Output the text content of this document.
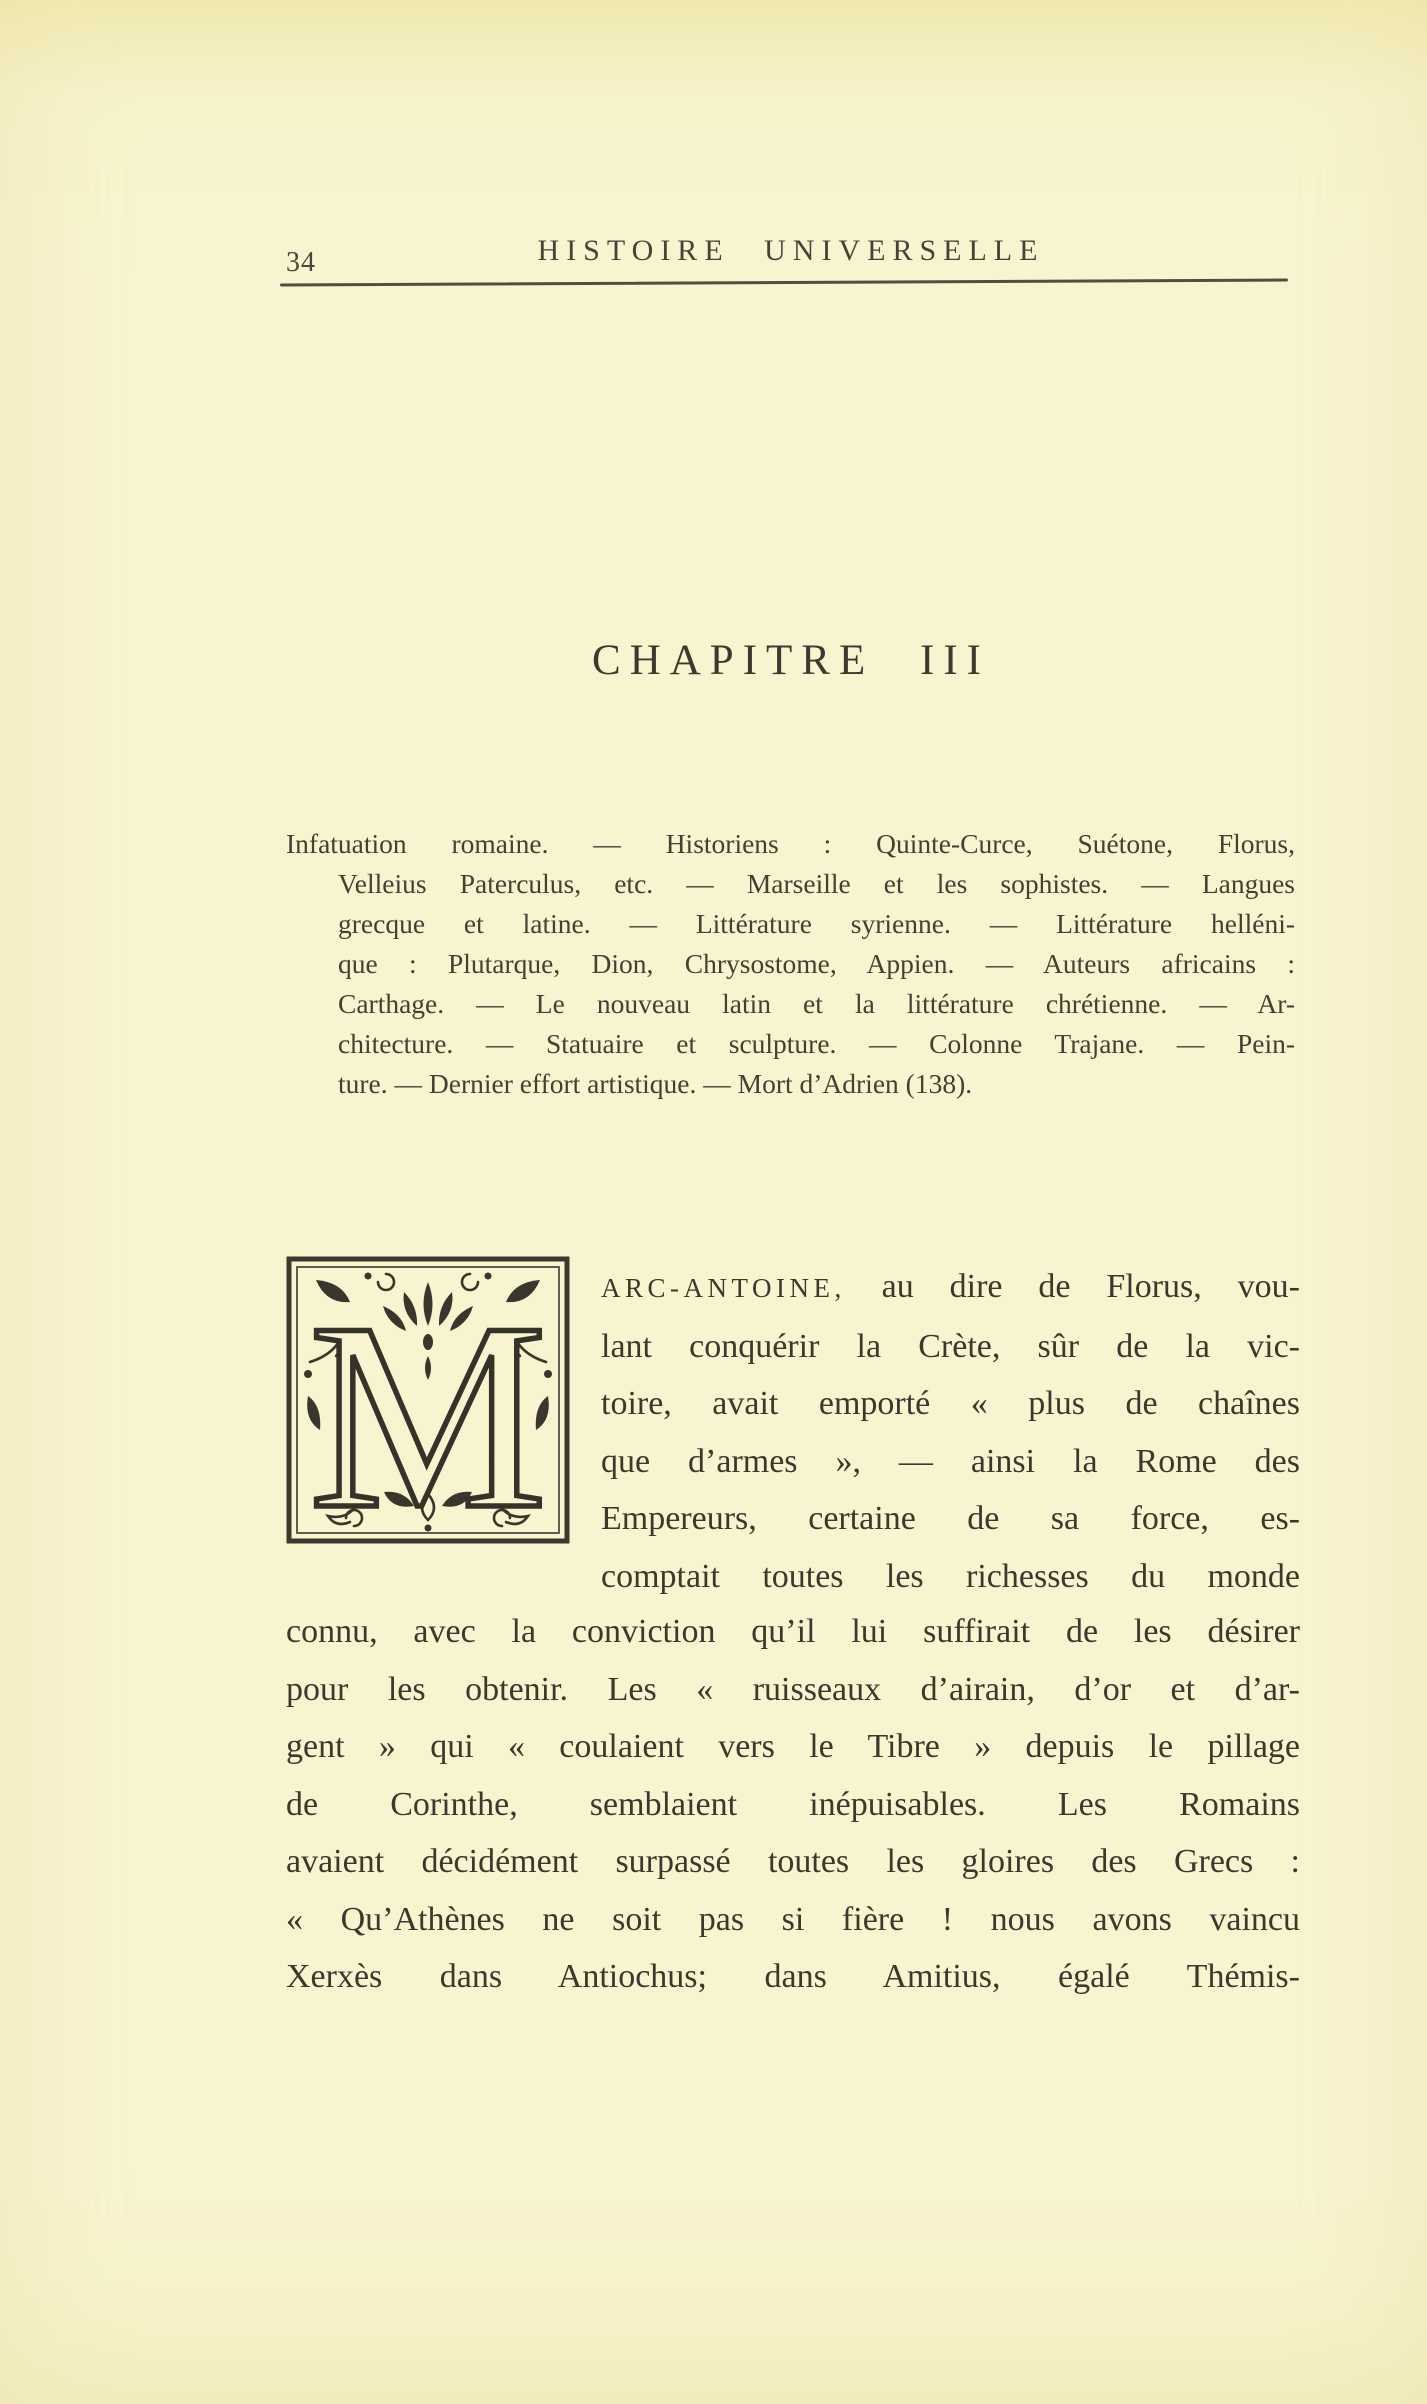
34	HISTOIRE UNIVERSELLE
CHAPITRE III
Infatuation romaine. — Historiens : Quinte-Curce, Suétone, Florus,
Velleius Paterculus, etc. — Marseille et les sophistes. — Langues
grecque et latine. — Littérature syrienne. — Littérature helléni-
que : Plutarque, Dion, Chrysostome, Appien. — Auteurs africains :
Carthage. — Le nouveau latin et la littérature chrétienne. — Ar-
chitecture. — Statuaire et sculpture. — Colonne Trajane. — Pein-
ture. — Dernier effort artistique. — Mort d’Adrien (138).
M ARC-ANTOINE, au dire de Florus, vou-
lant conquérir la Crète, sûr de la vic-
toire, avait emporté « plus de chaînes
que d’armes », — ainsi la Rome des
Empereurs, certaine de sa force, es-
comptait toutes les richesses du monde
connu, avec la conviction qu’il lui suffirait de les désirer
pour les obtenir. Les « ruisseaux d’airain, d’or et d’ar-
gent » qui « coulaient vers le Tibre » depuis le pillage
de Corinthe, semblaient inépuisables. Les Romains
avaient décidément surpassé toutes les gloires des Grecs :
« Qu’Athènes ne soit pas si fière ! nous avons vaincu
Xerxès dans Antiochus; dans Amitius, égalé Thémis-
